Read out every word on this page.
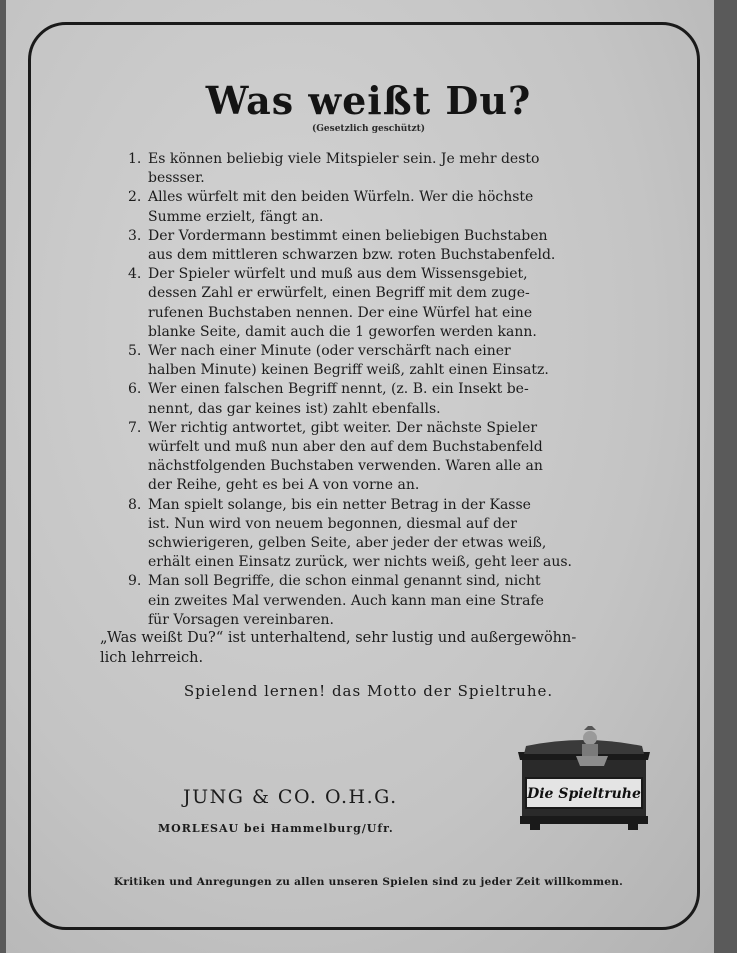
Was weißt Du?
(Gesetzlich geschützt)
1. Es können beliebig viele Mitspieler sein. Je mehr desto
bessser.
2. Alles würfelt mit den beiden Würfeln. Wer die höchste
Summe erzielt, fängt an.
3. Der Vordermann bestimmt einen beliebigen Buchstaben
aus dem mittleren schwarzen bzw. roten Buchstabenfeld.
4. Der Spieler würfelt und muß aus dem Wissensgebiet,
dessen Zahl er erwürfelt, einen Begriff mit dem zuge-
rufenen Buchstaben nennen. Der eine Würfel hat eine
blanke Seite, damit auch die 1 geworfen werden kann.
5. Wer nach einer Minute (oder verschärft nach einer
halben Minute) keinen Begriff weiß, zahlt einen Einsatz.
6. Wer einen falschen Begriff nennt, (z. B. ein Insekt be-
nennt, das gar keines ist) zahlt ebenfalls.
7. Wer richtig antwortet, gibt weiter. Der nächste Spieler
würfelt und muß nun aber den auf dem Buchstabenfeld
nächstfolgenden Buchstaben verwenden. Waren alle an
der Reihe, geht es bei A von vorne an.
8. Man spielt solange, bis ein netter Betrag in der Kasse
ist. Nun wird von neuem begonnen, diesmal auf der
schwierigeren, gelben Seite, aber jeder der etwas weiß,
erhält einen Einsatz zurück, wer nichts weiß, geht leer aus.
9. Man soll Begriffe, die schon einmal genannt sind, nicht
ein zweites Mal verwenden. Auch kann man eine Strafe
für Vorsagen vereinbaren.
„Was weißt Du?“ ist unterhaltend, sehr lustig und außergewöhn-
lich lehrreich.
Spielend lernen! das Motto der Spieltruhe.
JUNG & CO. O.H.G.
MORLESAU bei Hammelburg/Ufr.
Die Spieltruhe
Kritiken und Anregungen zu allen unseren Spielen sind zu jeder Zeit willkommen.
